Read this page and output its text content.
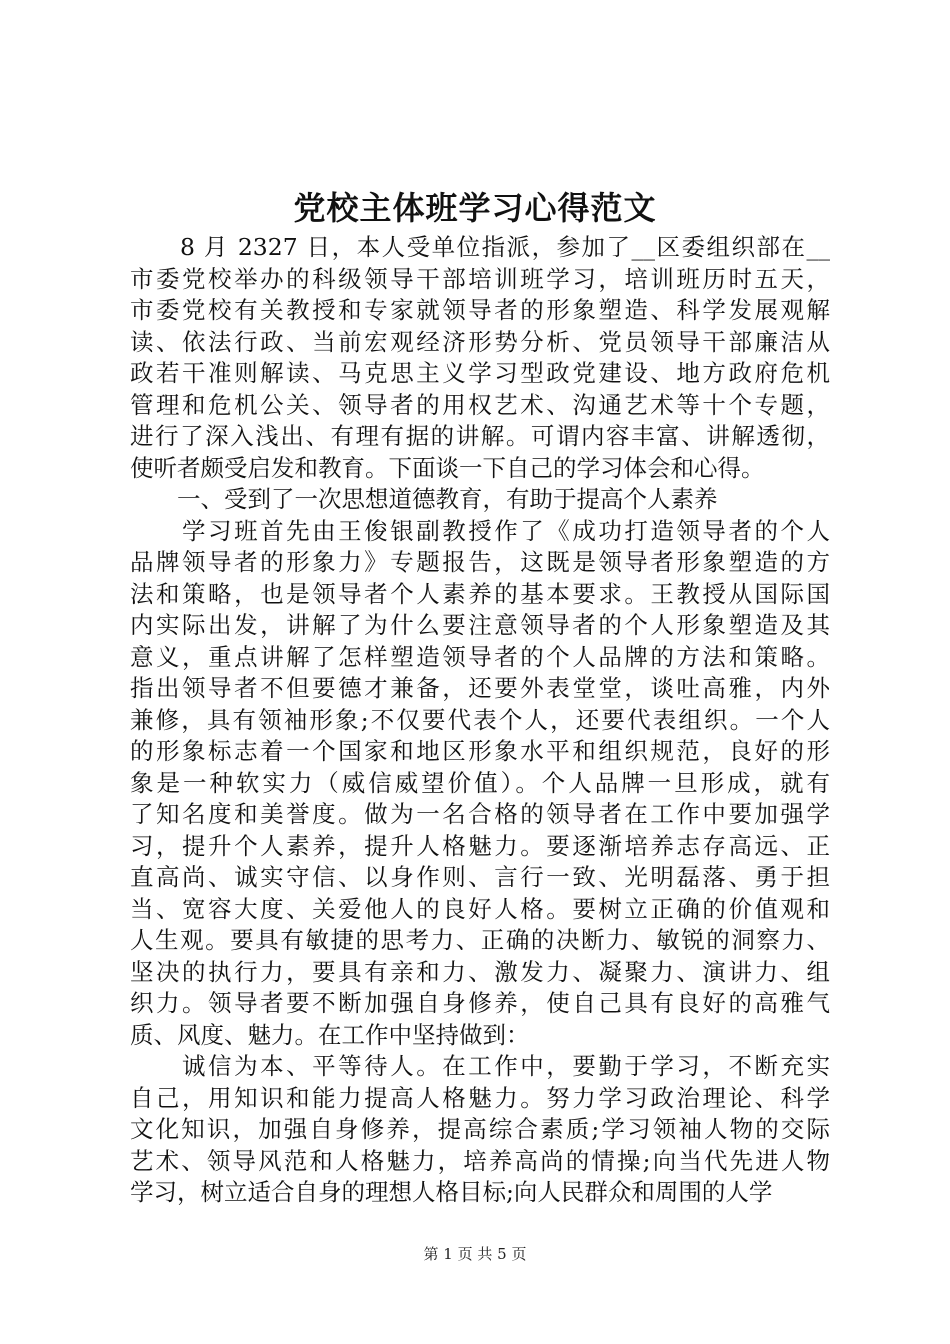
党校主体班学习心得范文
　　8 月 2327 日，本人受单位指派，参加了__区委组织部在__
市委党校举办的科级领导干部培训班学习，培训班历时五天，
市委党校有关教授和专家就领导者的形象塑造、科学发展观解
读、依法行政、当前宏观经济形势分析、党员领导干部廉洁从
政若干准则解读、马克思主义学习型政党建设、地方政府危机
管理和危机公关、领导者的用权艺术、沟通艺术等十个专题，
进行了深入浅出、有理有据的讲解。可谓内容丰富、讲解透彻，
使听者颇受启发和教育。下面谈一下自己的学习体会和心得。
　　一、受到了一次思想道德教育，有助于提高个人素养
　　学习班首先由王俊银副教授作了《成功打造领导者的个人
品牌领导者的形象力》专题报告，这既是领导者形象塑造的方
法和策略，也是领导者个人素养的基本要求。王教授从国际国
内实际出发，讲解了为什么要注意领导者的个人形象塑造及其
意义，重点讲解了怎样塑造领导者的个人品牌的方法和策略。
指出领导者不但要德才兼备，还要外表堂堂，谈吐高雅，内外
兼修，具有领袖形象;不仅要代表个人，还要代表组织。一个人
的形象标志着一个国家和地区形象水平和组织规范，良好的形
象是一种软实力（威信威望价值）。个人品牌一旦形成，就有
了知名度和美誉度。做为一名合格的领导者在工作中要加强学
习，提升个人素养，提升人格魅力。要逐渐培养志存高远、正
直高尚、诚实守信、以身作则、言行一致、光明磊落、勇于担
当、宽容大度、关爱他人的良好人格。要树立正确的价值观和
人生观。要具有敏捷的思考力、正确的决断力、敏锐的洞察力、
坚决的执行力，要具有亲和力、激发力、凝聚力、演讲力、组
织力。领导者要不断加强自身修养，使自己具有良好的高雅气
质、风度、魅力。在工作中坚持做到：
　　诚信为本、平等待人。在工作中，要勤于学习，不断充实
自己，用知识和能力提高人格魅力。努力学习政治理论、科学
文化知识，加强自身修养，提高综合素质;学习领袖人物的交际
艺术、领导风范和人格魅力，培养高尚的情操;向当代先进人物
学习，树立适合自身的理想人格目标;向人民群众和周围的人学
第 1 页 共 5 页
